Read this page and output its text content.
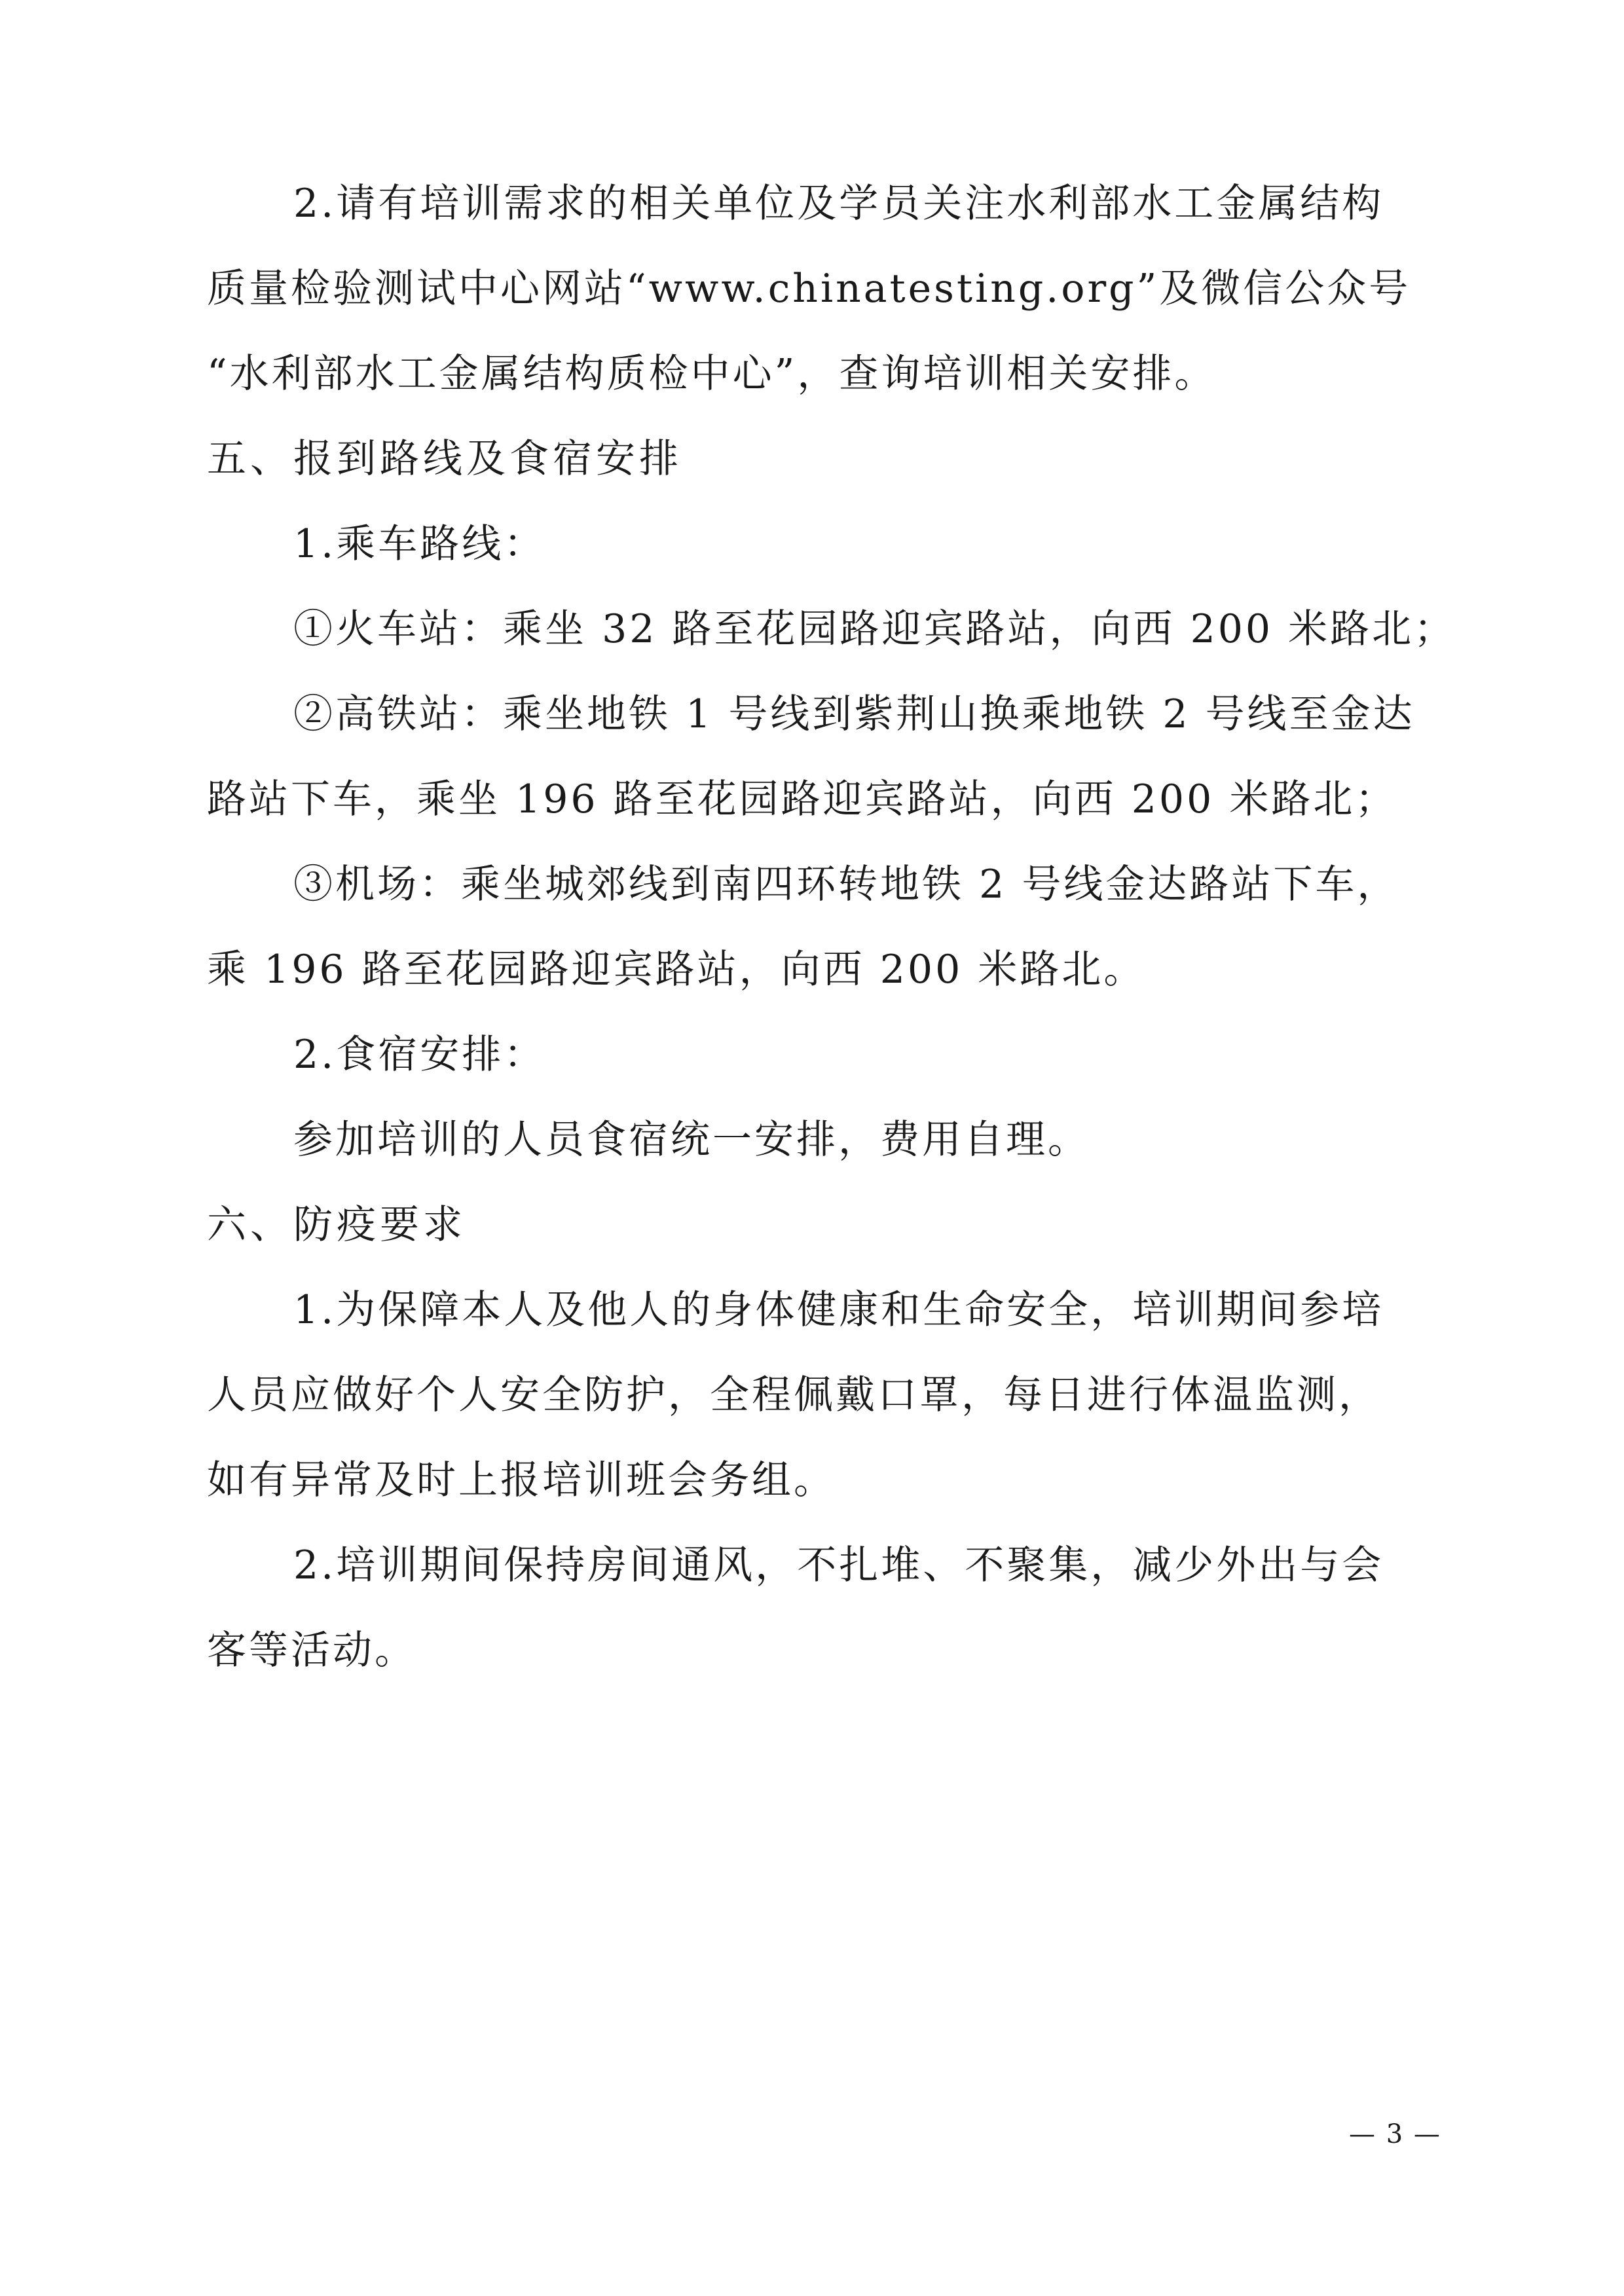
2.请有培训需求的相关单位及学员关注水利部水工金属结构
质量检验测试中心网站“www.chinatesting.org”及微信公众号
“水利部水工金属结构质检中心”，查询培训相关安排。
五、报到路线及食宿安排
1.乘车路线：
①火车站：乘坐 32 路至花园路迎宾路站，向西 200 米路北；
②高铁站：乘坐地铁 1 号线到紫荆山换乘地铁 2 号线至金达
路站下车，乘坐 196 路至花园路迎宾路站，向西 200 米路北；
③机场：乘坐城郊线到南四环转地铁 2 号线金达路站下车，
乘 196 路至花园路迎宾路站，向西 200 米路北。
2.食宿安排：
参加培训的人员食宿统一安排，费用自理。
六、防疫要求
1.为保障本人及他人的身体健康和生命安全，培训期间参培
人员应做好个人安全防护，全程佩戴口罩，每日进行体温监测，
如有异常及时上报培训班会务组。
2.培训期间保持房间通风，不扎堆、不聚集，减少外出与会
客等活动。
— 3 —
